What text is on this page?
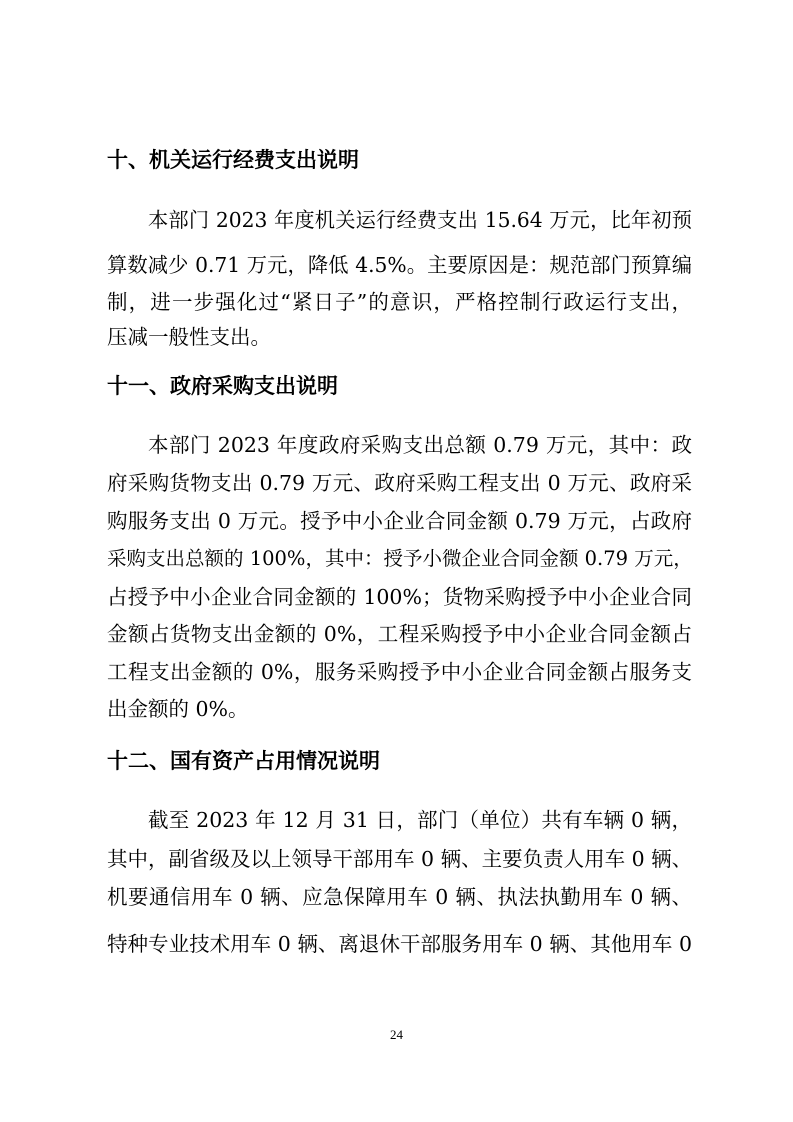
十、机关运行经费支出说明

本部门 2023 年度机关运行经费支出 15.64 万元，比年初预

算数减少 0.71 万元，降低 4.5%。主要原因是：规范部门预算编

制，进一步强化过“紧日子”的意识，严格控制行政运行支出，

压减一般性支出。

十一、政府采购支出说明

本部门 2023 年度政府采购支出总额 0.79 万元，其中：政

府采购货物支出 0.79 万元、政府采购工程支出 0 万元、政府采

购服务支出 0 万元。授予中小企业合同金额 0.79 万元，占政府

采购支出总额的 100%，其中：授予小微企业合同金额 0.79 万元，

占授予中小企业合同金额的 100%；货物采购授予中小企业合同

金额占货物支出金额的 0%，工程采购授予中小企业合同金额占

工程支出金额的 0%，服务采购授予中小企业合同金额占服务支

出金额的 0%。

十二、国有资产占用情况说明

截至 2023 年 12 月 31 日，部门（单位）共有车辆 0 辆，

其中，副省级及以上领导干部用车 0 辆、主要负责人用车 0 辆、

机要通信用车 0 辆、应急保障用车 0 辆、执法执勤用车 0 辆、

特种专业技术用车 0 辆、离退休干部服务用车 0 辆、其他用车 0

24
